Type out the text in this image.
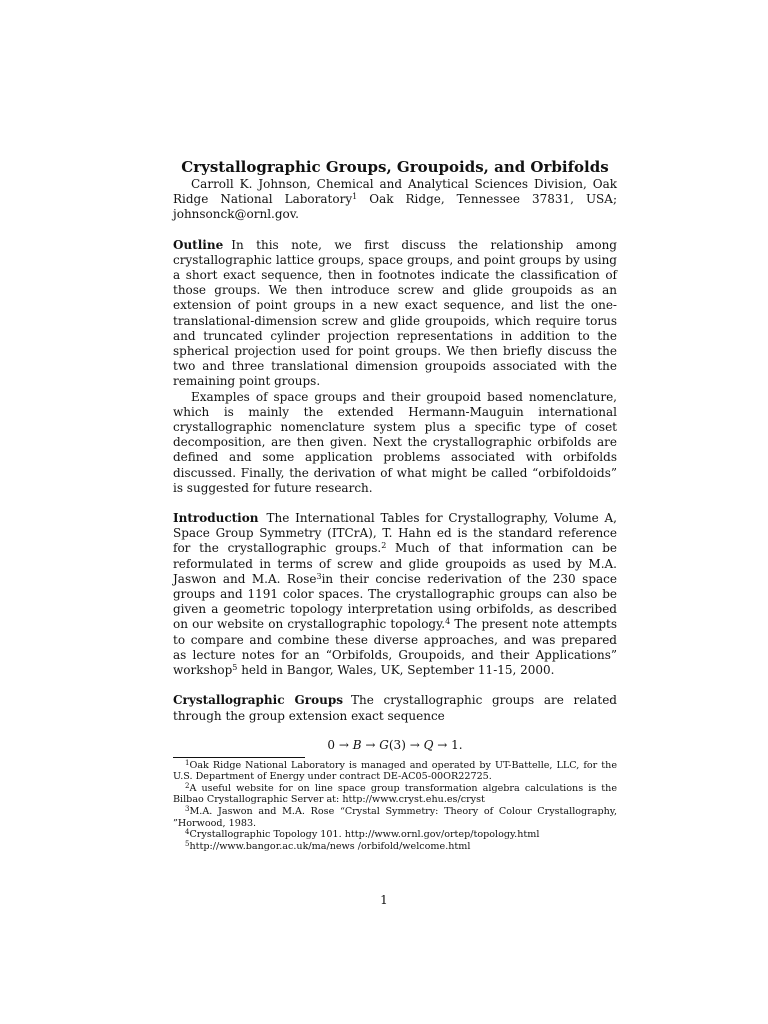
Crystallographic Groups, Groupoids, and Orbifolds

Carroll K. Johnson, Chemical and Analytical Sciences Division, Oak Ridge National Laboratory$^1$ Oak Ridge, Tennessee 37831, USA; johnsonck@ornl.gov.

Outline In this note, we first discuss the relationship among crystallographic lattice groups, space groups, and point groups by using a short exact sequence, then in footnotes indicate the classification of those groups. We then introduce screw and glide groupoids as an extension of point groups in a new exact sequence, and list the one-translational-dimension screw and glide groupoids, which require torus and truncated cylinder projection representations in addition to the spherical projection used for point groups. We then briefly discuss the two and three translational dimension groupoids associated with the remaining point groups.

Examples of space groups and their groupoid based nomenclature, which is mainly the extended Hermann-Mauguin international crystallographic nomenclature system plus a specific type of coset decomposition, are then given. Next the crystallographic orbifolds are defined and some application problems associated with orbifolds discussed. Finally, the derivation of what might be called “orbifoldoids” is suggested for future research.

Introduction The International Tables for Crystallography, Volume A, Space Group Symmetry (ITCrA), T. Hahn ed is the standard reference for the crystallographic groups.$^2$ Much of that information can be reformulated in terms of screw and glide groupoids as used by M.A. Jaswon and M.A. Rose$^3$in their concise rederivation of the 230 space groups and 1191 color spaces. The crystallographic groups can also be given a geometric topology interpretation using orbifolds, as described on our website on crystallographic topology.$^4$ The present note attempts to compare and combine these diverse approaches, and was prepared as lecture notes for an “Orbifolds, Groupoids, and their Applications” workshop$^5$ held in Bangor, Wales, UK, September 11-15, 2000.

Crystallographic Groups The crystallographic groups are related through the group extension exact sequence

0 → B → G(3) → Q → 1.

$^1$Oak Ridge National Laboratory is managed and operated by UT-Battelle, LLC, for the U.S. Department of Energy under contract DE-AC05-00OR22725.

$^2$A useful website for on line space group transformation algebra calculations is the Bilbao Crystallographic Server at: http://www.cryst.ehu.es/cryst

$^3$M.A. Jaswon and M.A. Rose “Crystal Symmetry: Theory of Colour Crystallography, ”Horwood, 1983.

$^4$Crystallographic Topology 101. http://www.ornl.gov/ortep/topology.html

$^5$http://www.bangor.ac.uk/ma/news /orbifold/welcome.html

1
